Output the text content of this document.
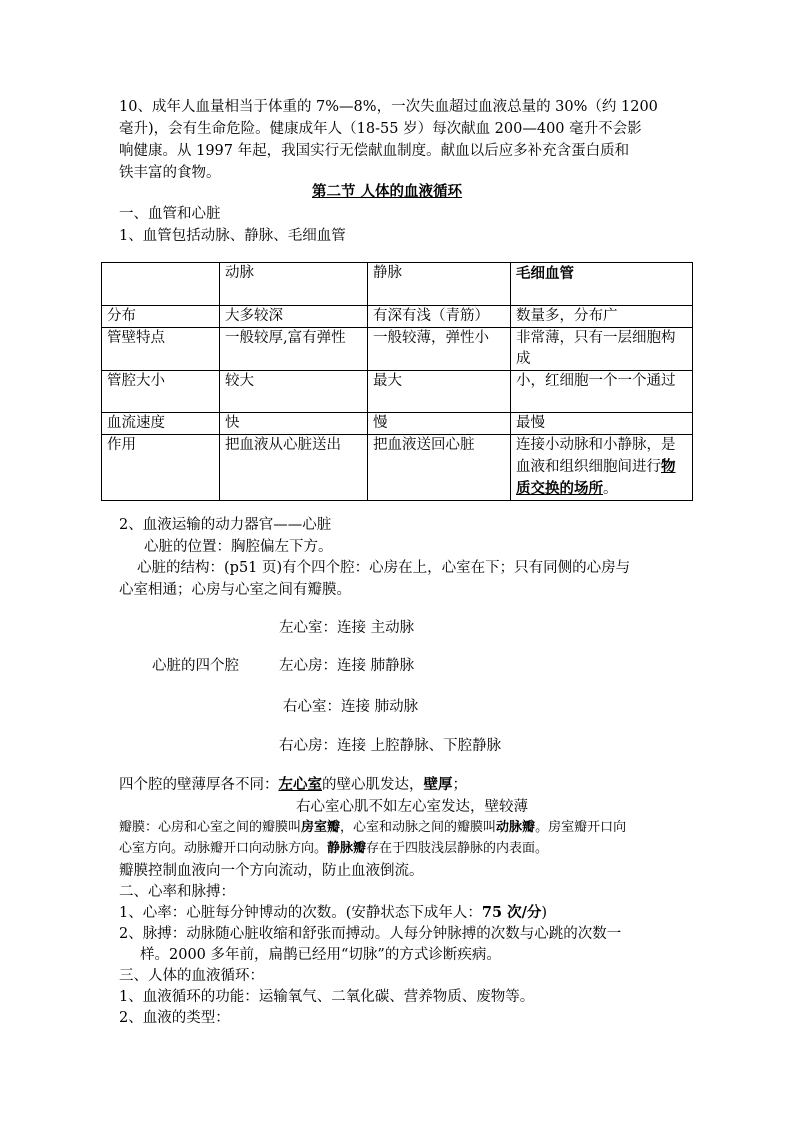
10、成年人血量相当于体重的 7%—8%，一次失血超过血液总量的 30%（约 1200
毫升)，会有生命危险。健康成年人（18-55 岁）每次献血 200—400 毫升不会影
响健康。从 1997 年起，我国实行无偿献血制度。献血以后应多补充含蛋白质和
铁丰富的食物。
第二节 人体的血液循环
一、血管和心脏
1、血管包括动脉、静脉、毛细血管
	动脉	静脉	毛细血管
分布	大多较深	有深有浅（青筋）	数量多，分布广
管壁特点	一般较厚,富有弹性	一般较薄，弹性小	非常薄，只有一层细胞构成
管腔大小	较大	最大	小，红细胞一个一个通过
血流速度	快	慢	最慢
作用	把血液从心脏送出	把血液送回心脏	连接小动脉和小静脉，是血液和组织细胞间进行物质交换的场所。
2、血液运输的动力器官——心脏
心脏的位置：胸腔偏左下方。
心脏的结构：(p51 页)有个四个腔：心房在上，心室在下；只有同侧的心房与
心室相通；心房与心室之间有瓣膜。
左心室：连接 主动脉
心脏的四个腔	左心房：连接 肺静脉
右心室：连接 肺动脉
右心房：连接 上腔静脉、下腔静脉
四个腔的壁薄厚各不同：左心室的壁心肌发达，壁厚；
右心室心肌不如左心室发达，壁较薄
瓣膜：心房和心室之间的瓣膜叫房室瓣，心室和动脉之间的瓣膜叫动脉瓣。房室瓣开口向
心室方向。动脉瓣开口向动脉方向。静脉瓣存在于四肢浅层静脉的内表面。
瓣膜控制血液向一个方向流动，防止血液倒流。
二、心率和脉搏：
1、心率：心脏每分钟博动的次数。(安静状态下成年人：75 次/分)
2、脉搏：动脉随心脏收缩和舒张而搏动。人每分钟脉搏的次数与心跳的次数一
样。2000 多年前，扁鹊已经用“切脉”的方式诊断疾病。
三、人体的血液循环：
1、血液循环的功能：运输氧气、二氧化碳、营养物质、废物等。
2、血液的类型：
